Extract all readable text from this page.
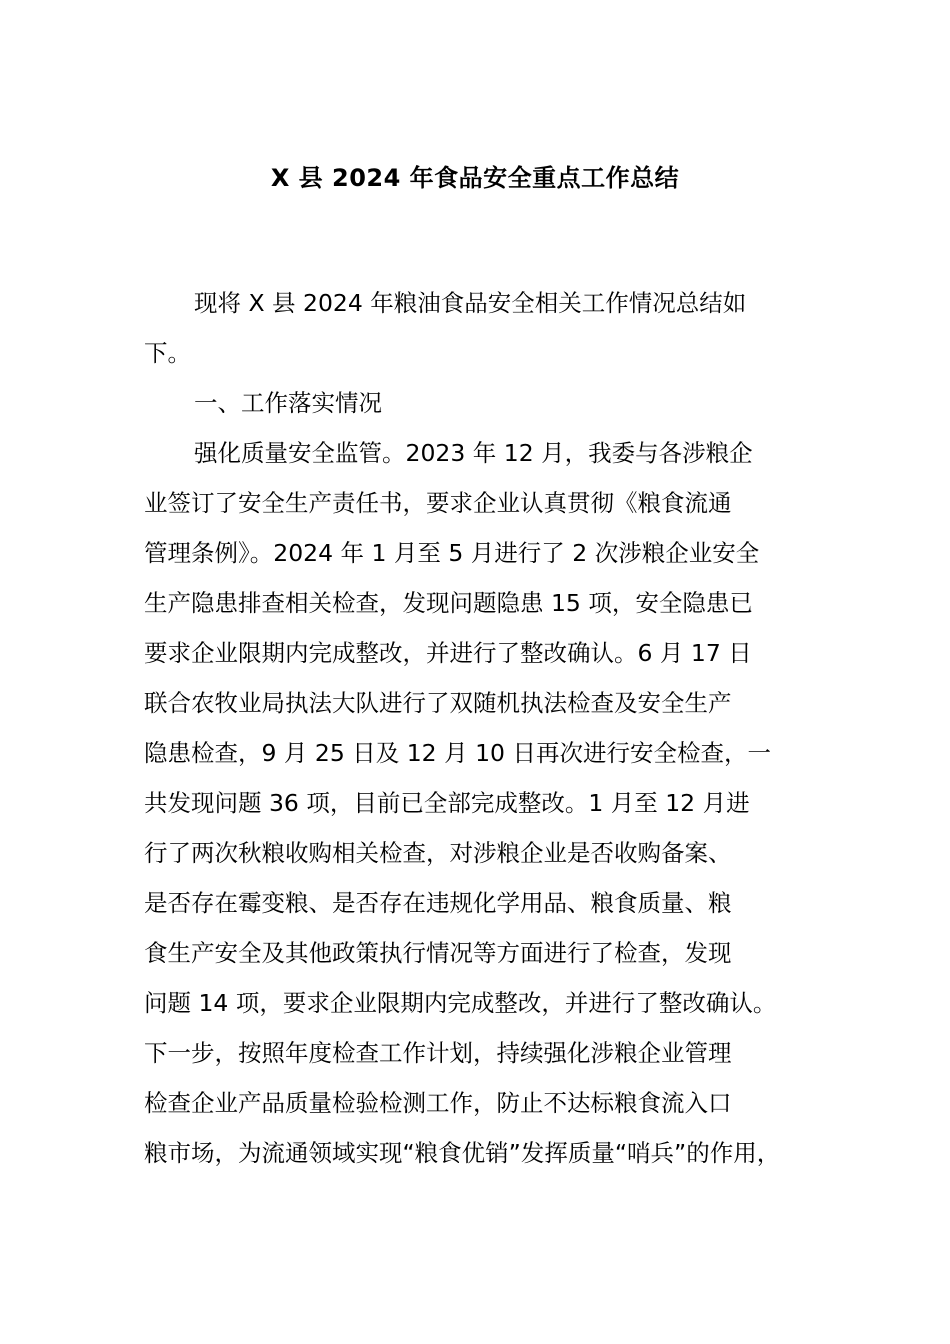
X 县 2024 年食品安全重点工作总结
现将 X 县 2024 年粮油食品安全相关工作情况总结如
下。
一、工作落实情况
强化质量安全监管。2023 年 12 月，我委与各涉粮企
业签订了安全生产责任书，要求企业认真贯彻《粮食流通
管理条例》。2024 年 1 月至 5 月进行了 2 次涉粮企业安全
生产隐患排查相关检查，发现问题隐患 15 项，安全隐患已
要求企业限期内完成整改，并进行了整改确认。6 月 17 日
联合农牧业局执法大队进行了双随机执法检查及安全生产
隐患检查，9 月 25 日及 12 月 10 日再次进行安全检查，一
共发现问题 36 项，目前已全部完成整改。1 月至 12 月进
行了两次秋粮收购相关检查，对涉粮企业是否收购备案、
是否存在霉变粮、是否存在违规化学用品、粮食质量、粮
食生产安全及其他政策执行情况等方面进行了检查，发现
问题 14 项，要求企业限期内完成整改，并进行了整改确认。
下一步，按照年度检查工作计划，持续强化涉粮企业管理
检查企业产品质量检验检测工作，防止不达标粮食流入口
粮市场，为流通领域实现“粮食优销”发挥质量“哨兵”的作用，
